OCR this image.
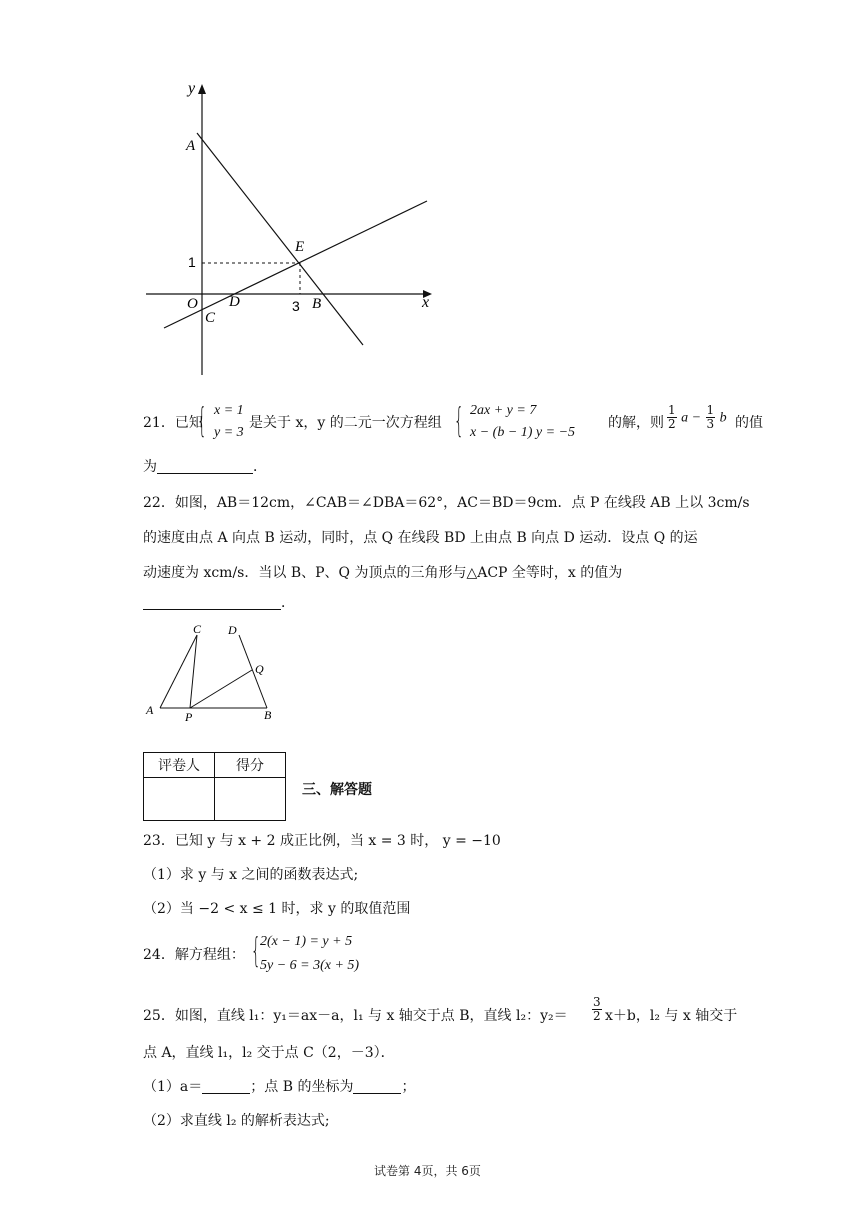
y
x
A
E
B
O
C
D
1
3
21．已知
{ x = 1
y = 3
是关于 x，y 的二元一次方程组 { 2ax + y = 7
x − (b − 1) y = −5
的解，则 $\frac{1}{2}$ $a - \frac{1}{3}$ b 的值
为	．
22．如图，AB＝12cm，∠CAB＝∠DBA＝62°，AC＝BD＝9cm．点 P 在线段 AB 上以 3cm/s
的速度由点 A 向点 B 运动，同时，点 Q 在线段 BD 上由点 B 向点 D 运动．设点 Q 的运
动速度为 xcm/s．当以 B、P、Q 为顶点的三角形与△ACP 全等时，x 的值为
．
C D
Q
A	P	B
评卷人	得分

三、解答题
23．已知 y 与 x + 2 成正比例，当 x = 3 时， y = −10
（1）求 y 与 x 之间的函数表达式;
（2）当 −2 < x ≤ 1 时，求 y 的取值范围
24．解方程组： { 2(x − 1) = y + 5
5y − 6 = 3(x + 5)
25．如图，直线 l₁：y₁＝ax－a，l₁ 与 x 轴交于点 B，直线 l₂：$y_2= \frac{3}{2} x+b$，l₂ 与 x 轴交于
点 A，直线 l₁，l₂ 交于点 C（2，－3）．
（1）a＝	；点 B 的坐标为	；
（2）求直线 l₂ 的解析表达式;
试卷第 4页，共 6页
